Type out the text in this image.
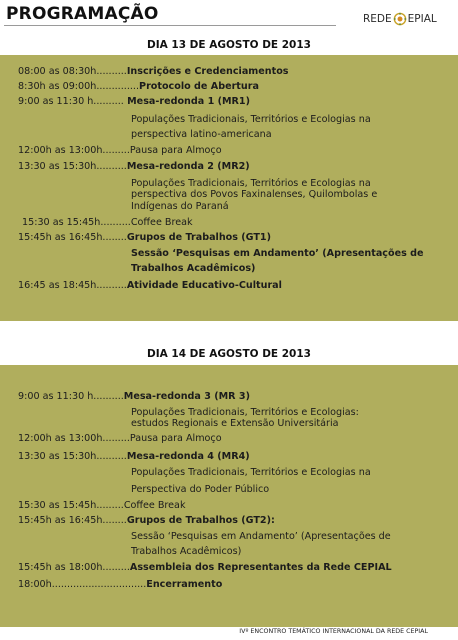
PROGRAMAÇÃO	REDE EPIAL
DIA 13 DE AGOSTO DE 2013
08:00 as 08:30h..........Inscrições e Credenciamentos
8:30h as 09:00h..............Protocolo de Abertura
9:00 as 11:30 h.......... Mesa-redonda 1 (MR1)
Populações Tradicionais, Territórios e Ecologias na
perspectiva latino-americana
12:00h as 13:00h.........Pausa para Almoço
13:30 as 15:30h..........Mesa-redonda 2 (MR2)
Populações Tradicionais, Territórios e Ecologias na
perspectiva dos Povos Faxinalenses, Quilombolas e
Indígenas do Paraná
15:30 as 15:45h..........Coffee Break
15:45h as 16:45h........Grupos de Trabalhos (GT1)
Sessão ‘Pesquisas em Andamento’ (Apresentações de
Trabalhos Acadêmicos)
16:45 as 18:45h..........Atividade Educativo-Cultural
DIA 14 DE AGOSTO DE 2013
9:00 as 11:30 h..........Mesa-redonda 3 (MR 3)
Populações Tradicionais, Territórios e Ecologias:
estudos Regionais e Extensão Universitária
12:00h as 13:00h.........Pausa para Almoço
13:30 as 15:30h..........Mesa-redonda 4 (MR4)
Populações Tradicionais, Territórios e Ecologias na
Perspectiva do Poder Público
15:30 as 15:45h.........Coffee Break
15:45h as 16:45h........Grupos de Trabalhos (GT2):
Sessão ‘Pesquisas em Andamento’ (Apresentações de
Trabalhos Acadêmicos)
15:45h as 18:00h.........Assembleia dos Representantes da Rede CEPIAL
18:00h...............................Encerramento
IVº ENCONTRO TEMÁTICO INTERNACIONAL DA REDE CEPIAL
